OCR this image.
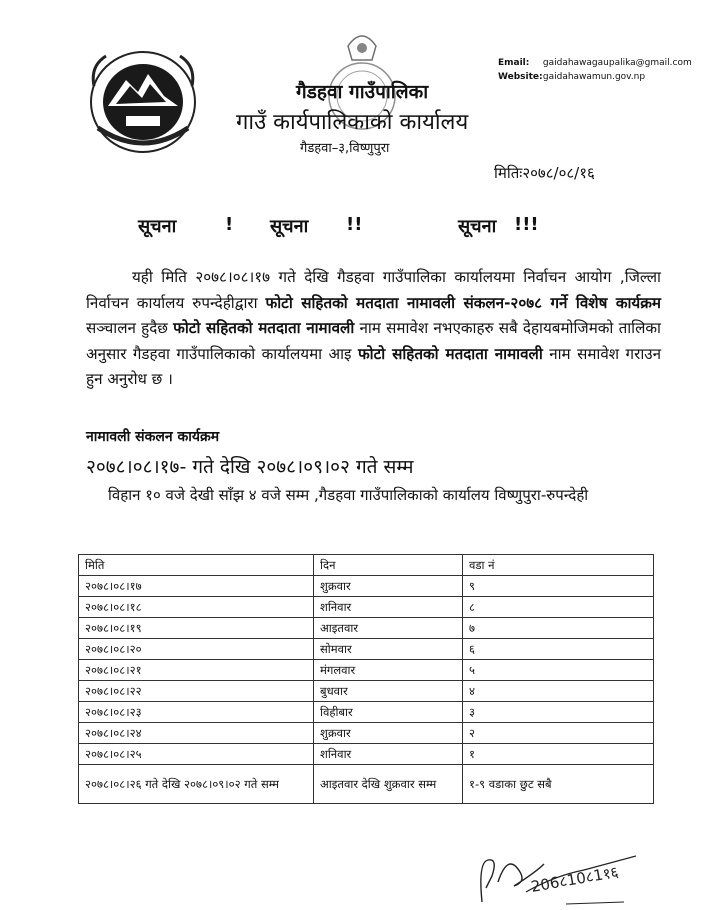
Email: gaidahawagaupalika@gmail.com
Website: gaidahawamun.gov.np
गैडहवा गाउँपालिका
गाउँ कार्यपालिकाको कार्यालय
गैडहवा–३,विष्णुपुरा
मितिः२०७८/०८/१६
सूचना	! सूचना !!	सूचना !!!
यही मिति २०७८।०८।१७ गते देखि गैडहवा गाउँपालिका कार्यालयमा निर्वाचन आयोग ,जिल्ला निर्वाचन कार्यालय रुपन्देहीद्वारा फोटो सहितको मतदाता नामावली संकलन-२०७८ गर्ने विशेष कार्यक्रम सञ्चालन हुदैछ फोटो सहितको मतदाता नामावली नाम समावेश नभएकाहरु सबै देहायबमोजिमको तालिका अनुसार गैडहवा गाउँपालिकाको कार्यालयमा आइ फोटो सहितको मतदाता नामावली नाम समावेश गराउन हुन अनुरोध छ ।
नामावली संकलन कार्यक्रम
२०७८।०८।१७- गते देखि २०७८।०९।०२ गते सम्म
विहान १० वजे देखी साँझ ४ वजे सम्म ,गैडहवा गाउँपालिकाको कार्यालय विष्णुपुरा-रुपन्देही
मिति	दिन	वडा नं
२०७८।०८।१७	शुक्रवार	९
२०७८।०८।१८	शनिवार	८
२०७८।०८।१९	आइतवार	७
२०७८।०८।२०	सोमवार	६
२०७८।०८।२१	मंगलवार	५
२०७८।०८।२२	बुधवार	४
२०७८।०८।२३	विहीबार	३
२०७८।०८।२४	शुक्रवार	२
२०७८।०८।२५	शनिवार	१
२०७८।०८।२६ गते देखि २०७८।०९।०२ गते सम्म	आइतवार देखि शुक्रवार सम्म	१-९ वडाका छुट सबै
206८10८1१६
